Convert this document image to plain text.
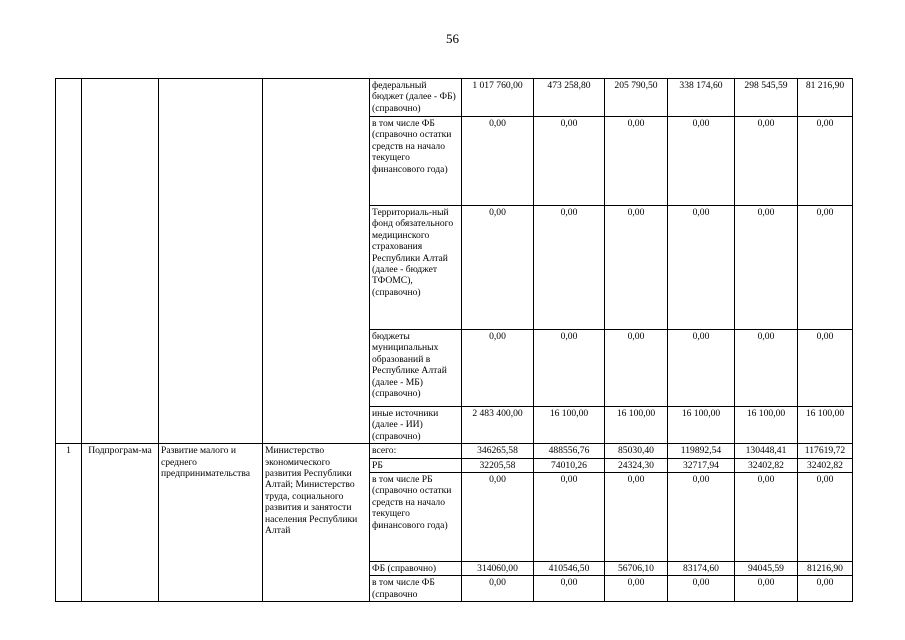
56
				федеральный бюджет (далее - ФБ) (справочно)	1 017 760,00	473 258,80	205 790,50	338 174,60	298 545,59	81 216,90
				в том числе ФБ (справочно остатки средств на начало текущего финансового года)	0,00	0,00	0,00	0,00	0,00	0,00
				Территориаль-ный фонд обязательного медицинского страхования Республики Алтай (далее - бюджет ТФОМС), (справочно)	0,00	0,00	0,00	0,00	0,00	0,00
				бюджеты муниципальных образований в Республике Алтай (далее - МБ) (справочно)	0,00	0,00	0,00	0,00	0,00	0,00
				иные источники (далее - ИИ) (справочно)	2 483 400,00	16 100,00	16 100,00	16 100,00	16 100,00	16 100,00
1	Подпрограм-ма	Развитие малого и среднего предпринимательства	Министерство экономического развития Республики Алтай; Министерство труда, социального развития и занятости населения Республики Алтай	всего:	346265,58	488556,76	85030,40	119892,54	130448,41	117619,72
				РБ	32205,58	74010,26	24324,30	32717,94	32402,82	32402,82
				в том числе РБ (справочно остатки средств на начало текущего финансового года)	0,00	0,00	0,00	0,00	0,00	0,00
				ФБ (справочно)	314060,00	410546,50	56706,10	83174,60	94045,59	81216,90
				в том числе ФБ (справочно	0,00	0,00	0,00	0,00	0,00	0,00
